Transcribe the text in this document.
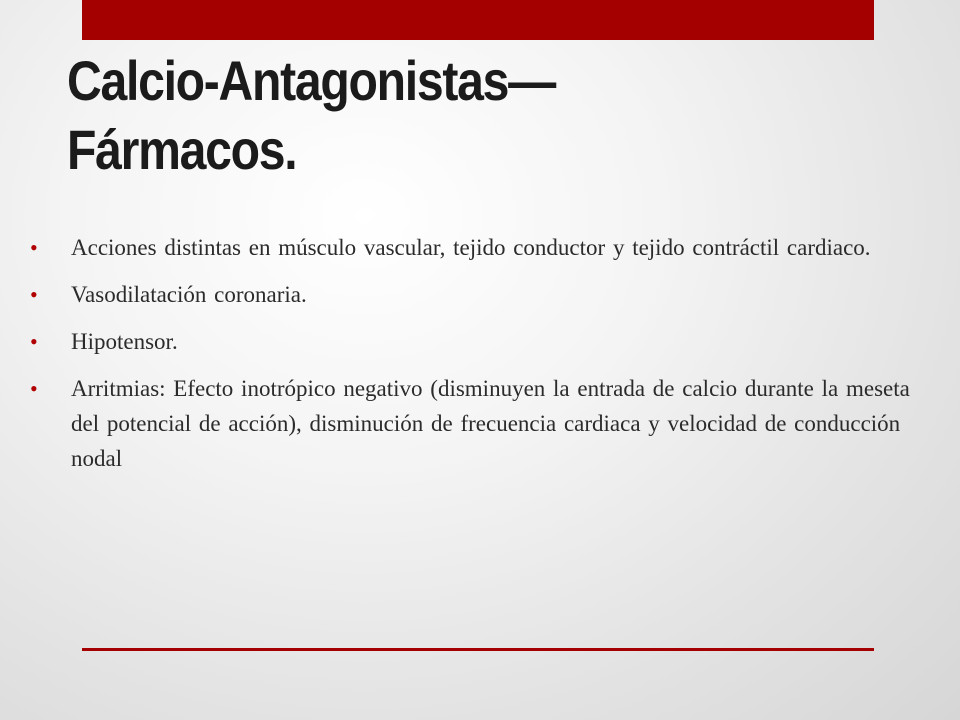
Calcio-Antagonistas—
Fármacos.
• Acciones distintas en músculo vascular, tejido conductor y tejido contráctil cardiaco.
• Vasodilatación coronaria.
• Hipotensor.
• Arritmias: Efecto inotrópico negativo (disminuyen la entrada de calcio durante la meseta del potencial de acción), disminución de frecuencia cardiaca y velocidad de conducción nodal
